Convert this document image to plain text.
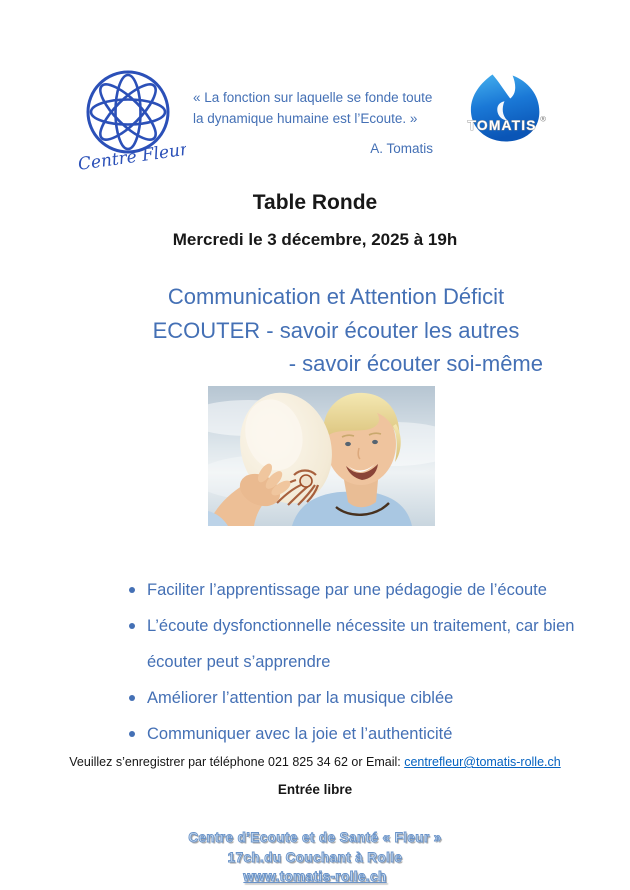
Centre Fleur
« La fonction sur laquelle se fonde toute
la dynamique humaine est l’Ecoute. »
A. Tomatis
TOMATIS ®
Table Ronde
Mercredi le 3 décembre, 2025 à 19h
Communication et Attention Déficit
ECOUTER - savoir écouter les autres
- savoir écouter soi-même
Faciliter l’apprentissage par une pédagogie de l’écoute
L’écoute dysfonctionnelle nécessite un traitement, car bien écouter peut s’apprendre
Améliorer l’attention par la musique ciblée
Communiquer avec la joie et l’authenticité
Veuillez s’enregistrer par téléphone 021 825 34 62 or Email: centrefleur@tomatis-rolle.ch
Entrée libre
Centre d’Ecoute et de Santé « Fleur »
17ch.du Couchant à Rolle
www.tomatis-rolle.ch
